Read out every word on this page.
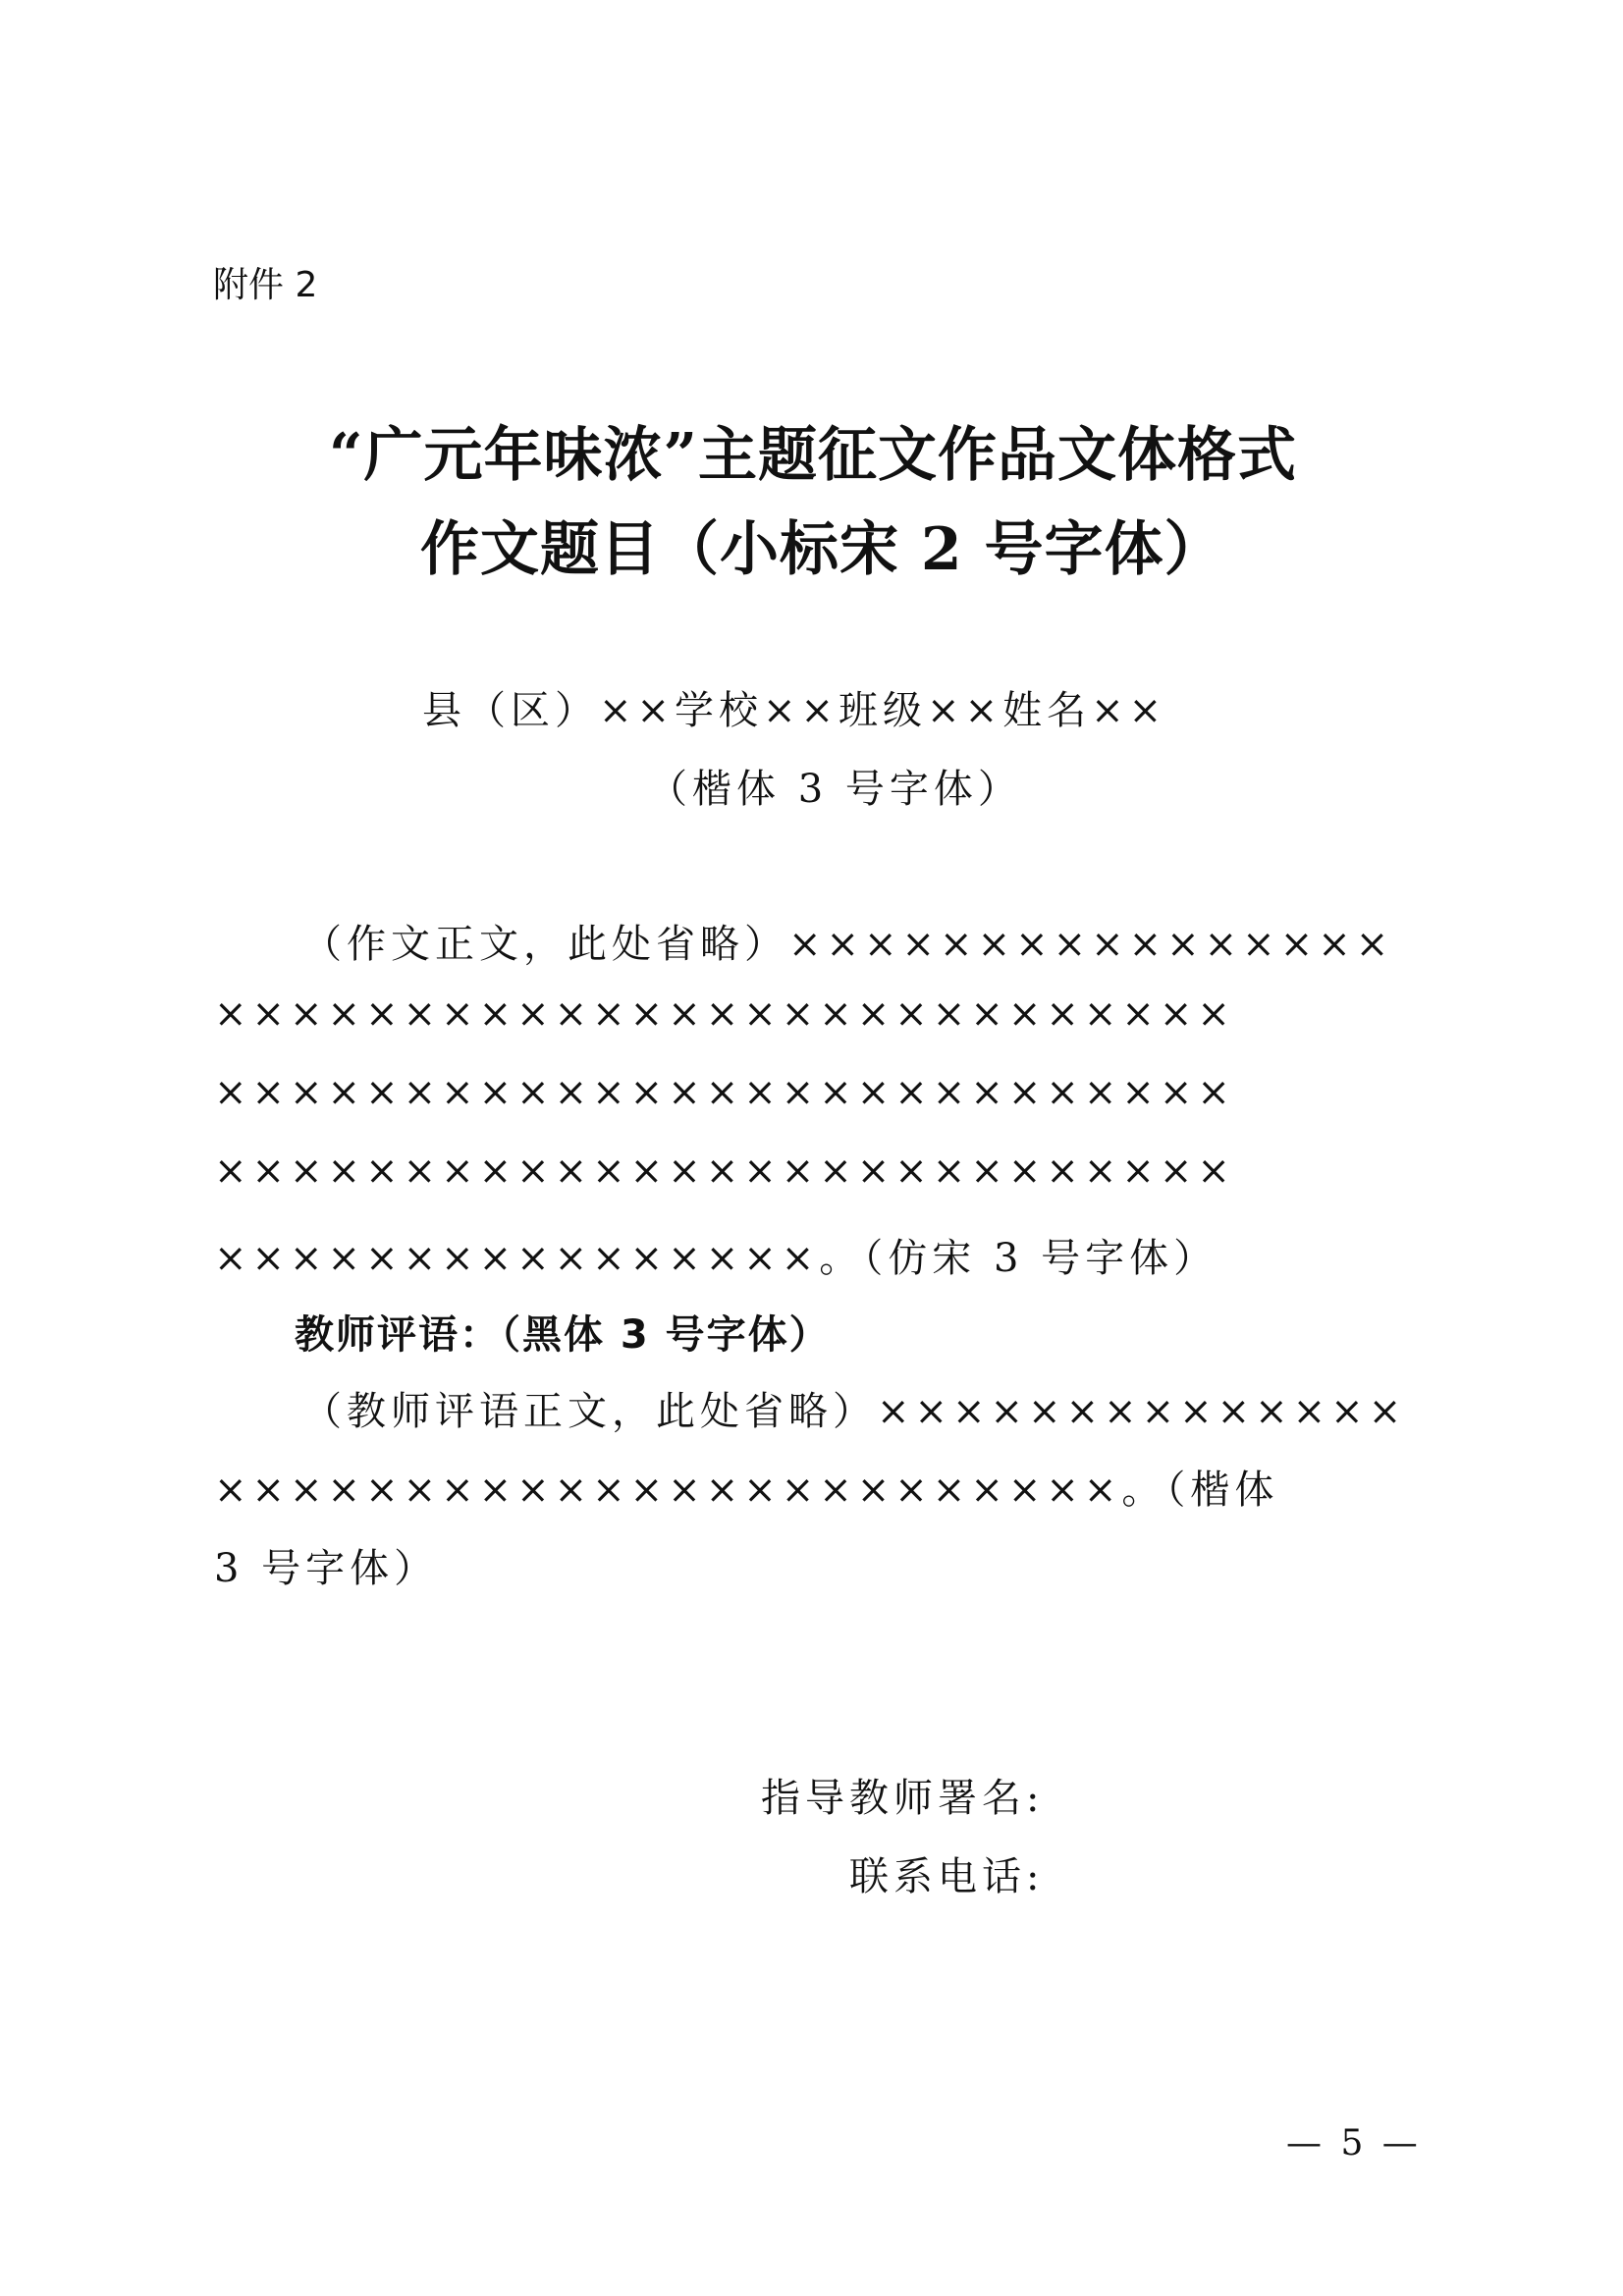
附件 2
“广元年味浓”主题征文作品文体格式
作文题目（小标宋 2 号字体）
县（区）××学校××班级××姓名××
（楷体 3 号字体）
（作文正文，此处省略）××××××××××××××××
×××××××××××××××××××××××××××
×××××××××××××××××××××××××××
×××××××××××××××××××××××××××
××××××××××××××××。（仿宋 3 号字体）
教师评语：（黑体 3 号字体）
（教师评语正文，此处省略）××××××××××××××
××××××××××××××××××××××××。（楷体
3 号字体）
指导教师署名:
联系电话:
— 5 —
